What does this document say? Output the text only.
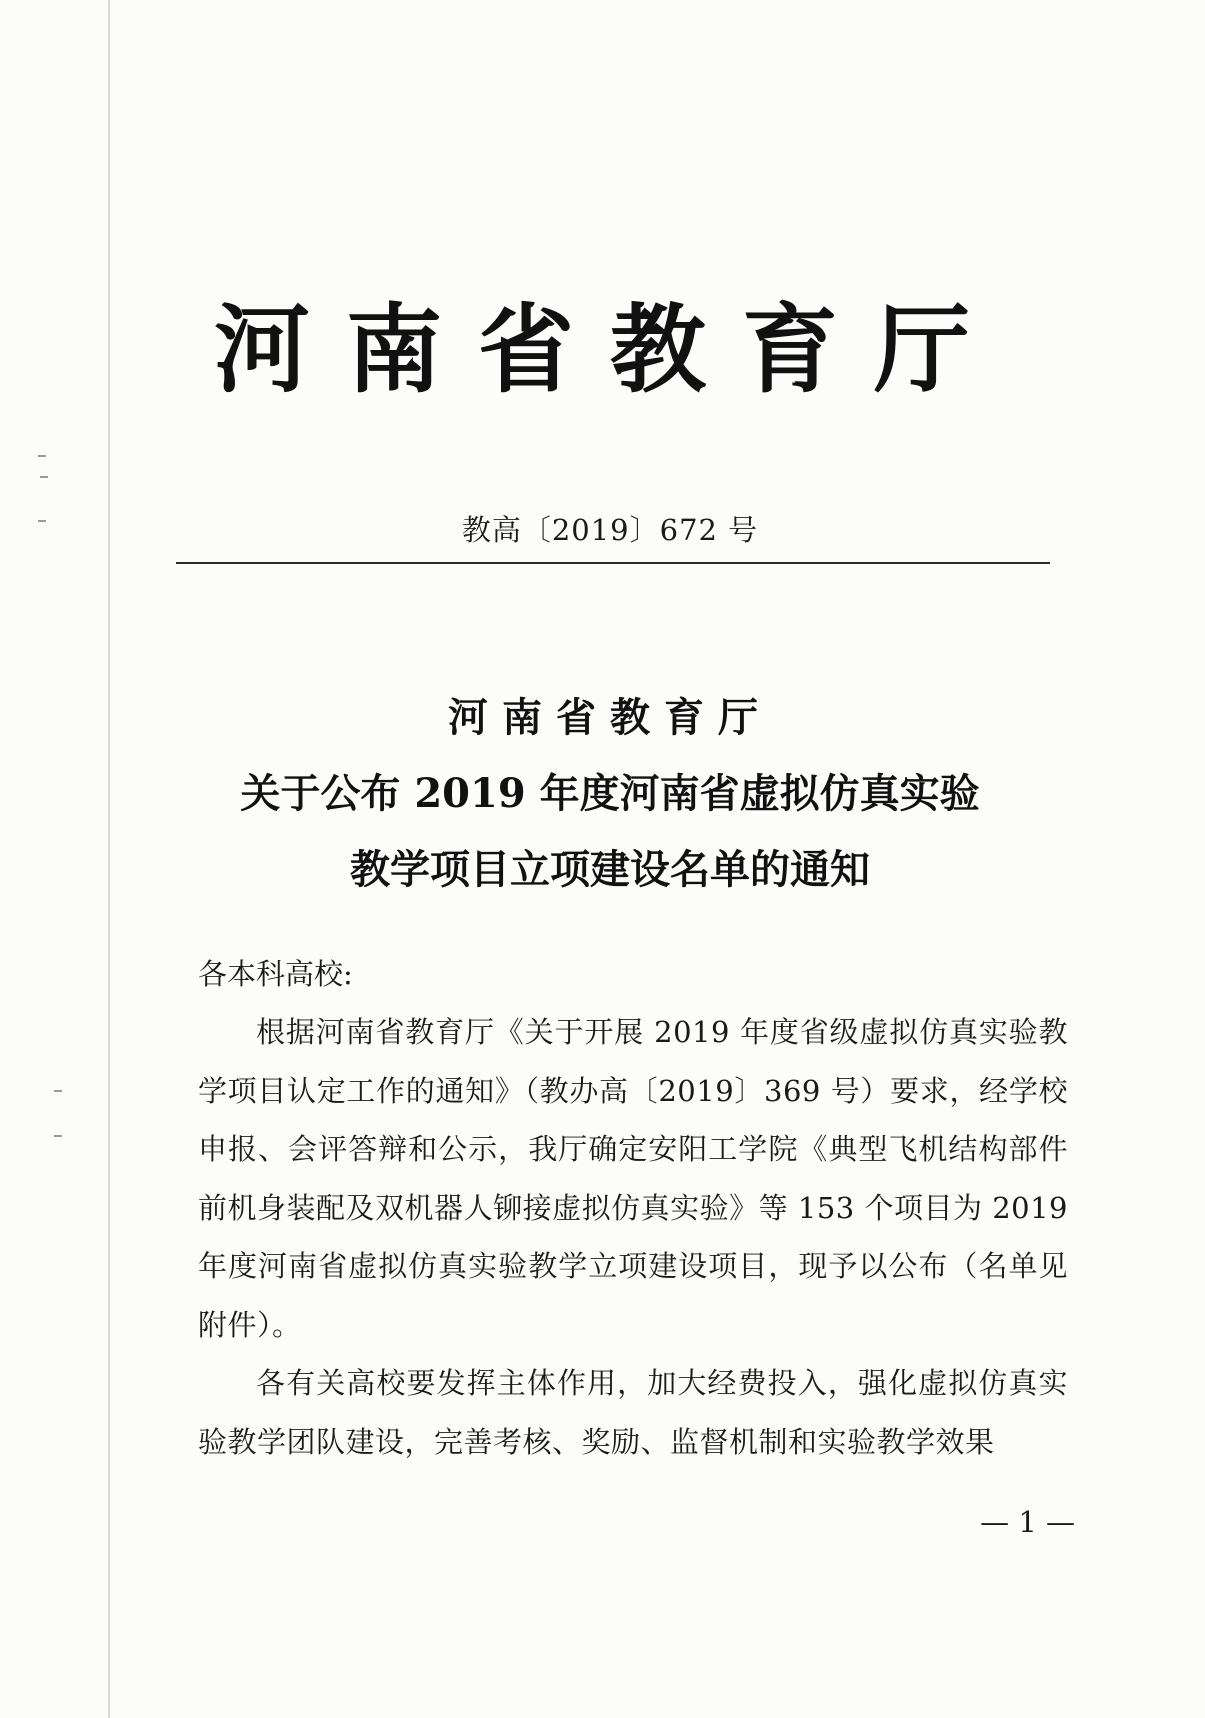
河南省教育厅
教高〔2019〕672 号
河南省教育厅
关于公布 2019 年度河南省虚拟仿真实验
教学项目立项建设名单的通知
各本科高校:

根据河南省教育厅《关于开展 2019 年度省级虚拟仿真实验教学项目认定工作的通知》（教办高〔2019〕369 号）要求，经学校申报、会评答辩和公示，我厅确定安阳工学院《典型飞机结构部件前机身装配及双机器人铆接虚拟仿真实验》等 153 个项目为 2019 年度河南省虚拟仿真实验教学立项建设项目，现予以公布（名单见附件）。

各有关高校要发挥主体作用，加大经费投入，强化虚拟仿真实验教学团队建设，完善考核、奖励、监督机制和实验教学效果

— 1 —
